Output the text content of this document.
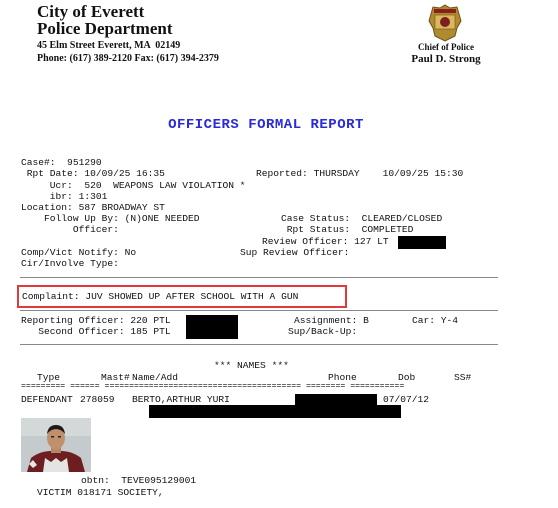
City of Everett
Police Department
45 Elm Street Everett, MA  02149
Phone: (617) 389-2120 Fax: (617) 394-2379
Chief of Police
Paul D. Strong
OFFICERS FORMAL REPORT
Case#:  951290
Rpt Date: 10/09/25 16:35	Reported: THURSDAY    10/09/25 15:30
Ucr:  520  WEAPONS LAW VIOLATION *
ibr: 1:301
Location: 587 BROADWAY ST
Follow Up By: (N)ONE NEEDED	Case Status:  CLEARED/CLOSED
Officer:	Rpt Status:  COMPLETED
Review Officer: 127 LT
Comp/Vict Notify: No	Sup Review Officer:
Cir/Involve Type:
Complaint: JUV SHOWED UP AFTER SCHOOL WITH A GUN
Reporting Officer: 220 PTL
Second Officer: 185 PTL
Assignment: B	Car: Y-4
Sup/Back-Up:
*** NAMES ***
Type	Mast# Name/Add	Phone	Dob	SS#
========= ====== ======================================== ======== ===========
DEFENDANT 278059 BERTO,ARTHUR YURI	07/07/12
obtn:  TEVE095129001
VICTIM 018171 SOCIETY,
